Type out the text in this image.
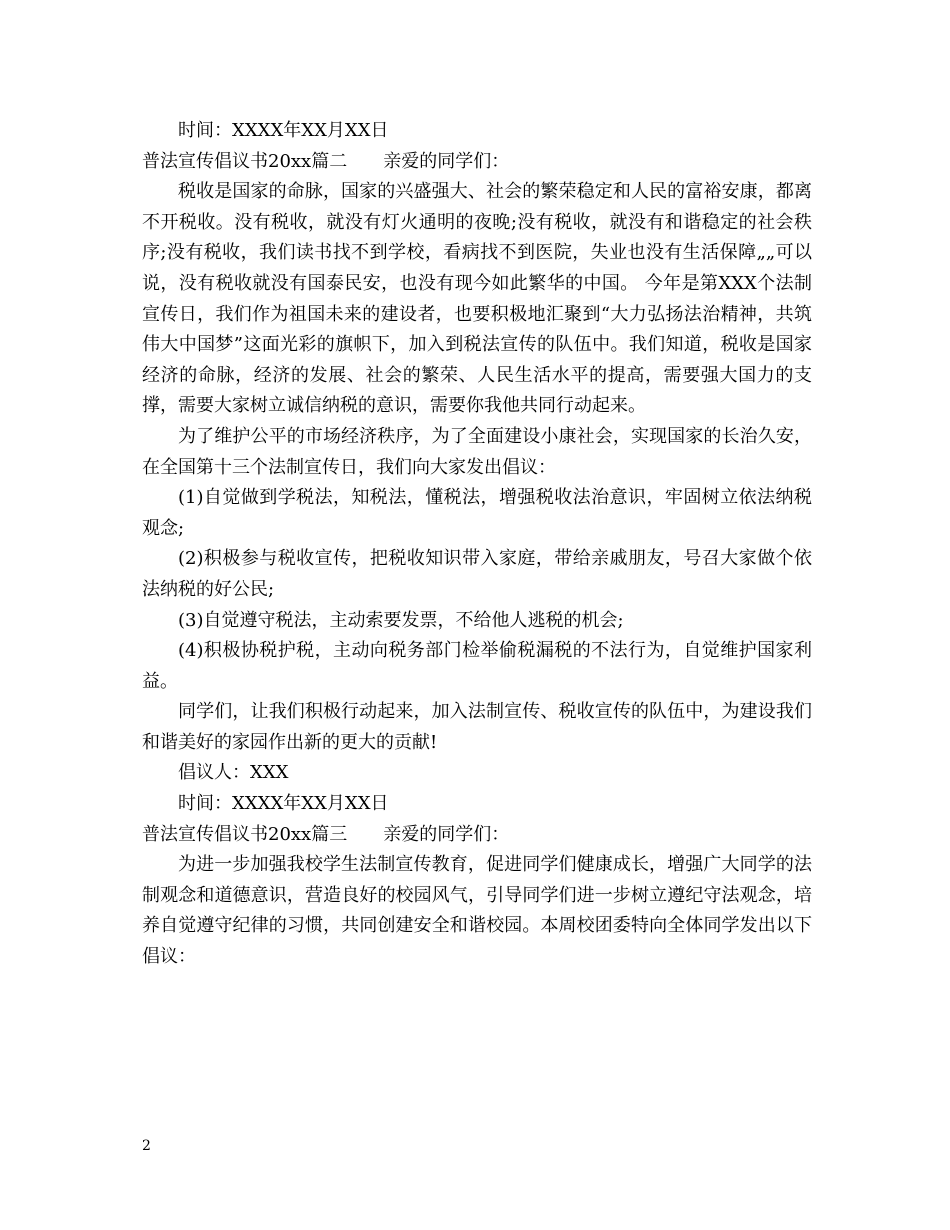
时间：XXXX年XX月XX日

普法宣传倡议书20xx篇二 亲爱的同学们：

税收是国家的命脉，国家的兴盛强大、社会的繁荣稳定和人民的富裕安康，都离不开税收。没有税收，就没有灯火通明的夜晚;没有税收，就没有和谐稳定的社会秩序;没有税收，我们读书找不到学校，看病找不到医院，失业也没有生活保障„„可以说，没有税收就没有国泰民安，也没有现今如此繁华的中国。 今年是第XXX个法制宣传日，我们作为祖国未来的建设者，也要积极地汇聚到“大力弘扬法治精神，共筑伟大中国梦”这面光彩的旗帜下，加入到税法宣传的队伍中。我们知道，税收是国家经济的命脉，经济的发展、社会的繁荣、人民生活水平的提高，需要强大国力的支撑，需要大家树立诚信纳税的意识，需要你我他共同行动起来。

为了维护公平的市场经济秩序，为了全面建设小康社会，实现国家的长治久安，在全国第十三个法制宣传日，我们向大家发出倡议：

(1)自觉做到学税法，知税法，懂税法，增强税收法治意识，牢固树立依法纳税观念;

(2)积极参与税收宣传，把税收知识带入家庭，带给亲戚朋友，号召大家做个依法纳税的好公民;

(3)自觉遵守税法，主动索要发票，不给他人逃税的机会;

(4)积极协税护税，主动向税务部门检举偷税漏税的不法行为，自觉维护国家利益。

同学们，让我们积极行动起来，加入法制宣传、税收宣传的队伍中，为建设我们和谐美好的家园作出新的更大的贡献!

倡议人：XXX

时间：XXXX年XX月XX日

普法宣传倡议书20xx篇三 亲爱的同学们：

为进一步加强我校学生法制宣传教育，促进同学们健康成长，增强广大同学的法制观念和道德意识，营造良好的校园风气，引导同学们进一步树立遵纪守法观念，培养自觉遵守纪律的习惯，共同创建安全和谐校园。本周校团委特向全体同学发出以下倡议：

2
